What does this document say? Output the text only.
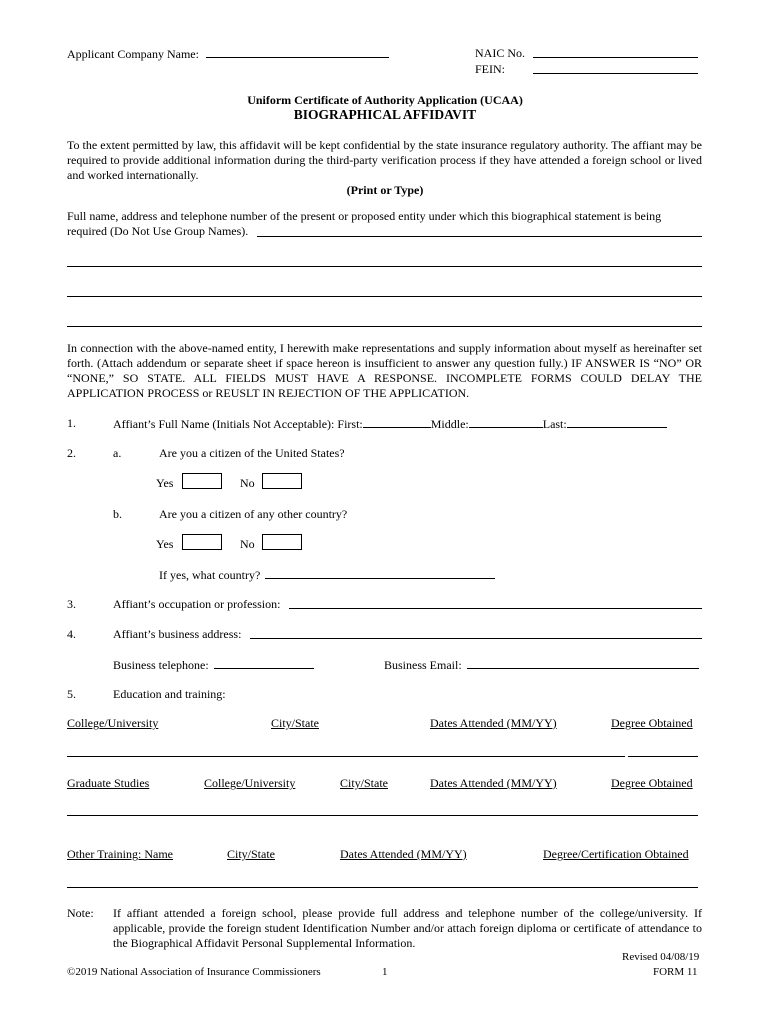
Applicant Company Name:	NAIC No.
FEIN:
Uniform Certificate of Authority Application (UCAA)
BIOGRAPHICAL AFFIDAVIT
To the extent permitted by law, this affidavit will be kept confidential by the state insurance regulatory authority. The affiant may be required to provide additional information during the third-party verification process if they have attended a foreign school or lived and worked internationally.
(Print or Type)
Full name, address and telephone number of the present or proposed entity under which this biographical statement is being
required (Do Not Use Group Names).
In connection with the above-named entity, I herewith make representations and supply information about myself as hereinafter set forth. (Attach addendum or separate sheet if space hereon is insufficient to answer any question fully.) IF ANSWER IS “NO” OR “NONE,” SO STATE. ALL FIELDS MUST HAVE A RESPONSE. INCOMPLETE FORMS COULD DELAY THE APPLICATION PROCESS or REUSLT IN REJECTION OF THE APPLICATION.
1.	Affiant’s Full Name (Initials Not Acceptable): First:	Middle:	Last:
2.	a.	Are you a citizen of the United States?
Yes	No
b.	Are you a citizen of any other country?
Yes	No
If yes, what country?
3.	Affiant’s occupation or profession:
4.	Affiant’s business address:
Business telephone:	Business Email:
5.	Education and training:
College/University	City/State	Dates Attended (MM/YY)	Degree Obtained
Graduate Studies	College/University	City/State	Dates Attended (MM/YY)	Degree Obtained
Other Training: Name	City/State	Dates Attended (MM/YY)	Degree/Certification Obtained
Note: If affiant attended a foreign school, please provide full address and telephone number of the college/university. If applicable, provide the foreign student Identification Number and/or attach foreign diploma or certificate of attendance to the Biographical Affidavit Personal Supplemental Information.
Revised 04/08/19
©2019 National Association of Insurance Commissioners	1	FORM 11
